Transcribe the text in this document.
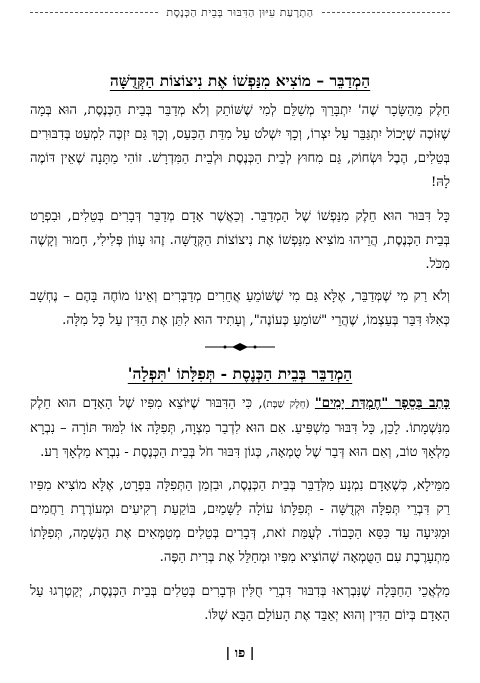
הַתְרָעַת עִיּוּן הַדִּבּוּר בְּבֵית הַכְּנֶסֶת
הַמְדַבֵּר – מוֹצִיא מִנַּפְשׁוֹ אֶת נִיצוֹצוֹת הַקְּדֻשָּׁה

חֵלֶק מֵהַשָּׂכָר שֶׁה' יִתְבָּרַךְ מְשַׁלֵּם לְמִי שֶׁשּׁוֹתֵק וְלֹא מְדַבֵּר בְּבֵית הַכְּנֶסֶת, הוּא בְּמָה שֶׁזּוֹכֶה שֶׁיָּכוֹל יִתְגַּבֵּר עַל יִצְרוֹ, וְכָךְ יִשְׁלֹט עַל מִדַּת הַכַּעַס, וְכָךְ גַּם יִזְכֶּה לִמְעַט בְּדִבּוּרִים בְּטֵלִים, הֶבֶל וּשְׂחוֹק, גַּם מִחוּץ לְבֵית הַכְּנֶסֶת וּלְבֵית הַמִּדְרָשׁ. זוֹהִי מַתָּנָה שֶׁאֵין דּוֹמֶה לָהּ!

כָּל דִּבּוּר הוּא חֵלֶק מִנַּפְשׁוֹ שֶׁל הַמְדַבֵּר. וְכַאֲשֶׁר אָדָם מְדַבֵּר דְּבָרִים בְּטֵלִים, וּבִפְרָט בְּבֵית הַכְּנֶסֶת, הֲרֵיהוּ מוֹצִיא מִנַּפְשׁוֹ אֶת נִיצוֹצוֹת הַקְּדֻשָּׁה. זֶהוּ עָווֹן פְּלִילִי, חָמוּר וְקָשֶׁה מִכֹּל.

וְלֹא רַק מִי שֶׁמְּדַבֵּר, אֶלָּא גַּם מִי שֶׁשּׁוֹמֵעַ אֲחֵרִים מְדַבְּרִים וְאֵינוֹ מוֹחֶה בָּהֶם – נֶחְשָׁב כְּאִלּוּ דִּבֵּר בְּעַצְמוֹ, שֶׁהֲרֵי "שׁוֹמֵעַ כְּעוֹנֶה", וְעָתִיד הוּא לִתֵּן אֶת הַדִּין עַל כָּל מִלָּה.

הַמְדַבֵּר בְּבֵית הַכְּנֶסֶת - תְּפִלָּתוֹ 'תִּפְלָה'

כָּתַב בְּסֵפֶר "חֶמְדַּת יָמִים" (חֵלֶק שַׁבָּת), כִּי הַדִּבּוּר שֶׁיּוֹצֵא מִפִּיו שֶׁל הָאָדָם הוּא חֵלֶק מִנִּשְׁמָתוֹ. לָכֵן, כָּל דִּבּוּר מַשְׁפִּיעַ. אִם הוּא לִדְבַר מִצְוָה, תְּפִלָּה אוֹ לִמּוּד תּוֹרָה – נִבְרָא מַלְאָךְ טוֹב, וְאִם הוּא דְּבַר שֶׁל טֻמְאָה, כְּגוֹן דִּבּוּר חֹל בְּבֵית הַכְּנֶסֶת - נִבְרָא מַלְאָךְ רַע.

מִמֵּילָא, כְּשֶׁאָדָם נִמְנָע מִלְּדַבֵּר בְּבֵית הַכְּנֶסֶת, וּבִזְמַן הַתְּפִלָּה בִּפְרָט, אֶלָּא מוֹצִיא מִפִּיו רַק דִּבְרֵי תְּפִלָּה וּקְדֻשָּׁה - תְּפִלָּתוֹ עוֹלָה לַשָּׁמַיִם, בּוֹקַעַת רְקִיעִים וּמְעוֹרֶרֶת רַחֲמִים וּמַגִּיעָה עַד כִּסֵּא הַכָּבוֹד. לְעֻמַּת זֹאת, דְּבָרִים בְּטֵלִים מְטַמְּאִים אֶת הַנְּשָׁמָה, תְּפִלָּתוֹ מִתְעָרֶבֶת עִם הַטֻּמְאָה שֶׁהוֹצִיא מִפִּיו וּמְחַלֵּל אֶת בְּרִית הַפֶּה.

מַלְאֲכֵי הַחַבָּלָה שֶׁנִּבְרְאוּ בְּדִבּוּר דִּבְרֵי חֻלִּין וּדְבָרִים בְּטֵלִים בְּבֵית הַכְּנֶסֶת, יְקַטְרְגוּ עַל הָאָדָם בְּיוֹם הַדִּין וְהוּא יְאַבֵּד אֶת הָעוֹלָם הַבָּא שֶׁלּוֹ.

| פו |
